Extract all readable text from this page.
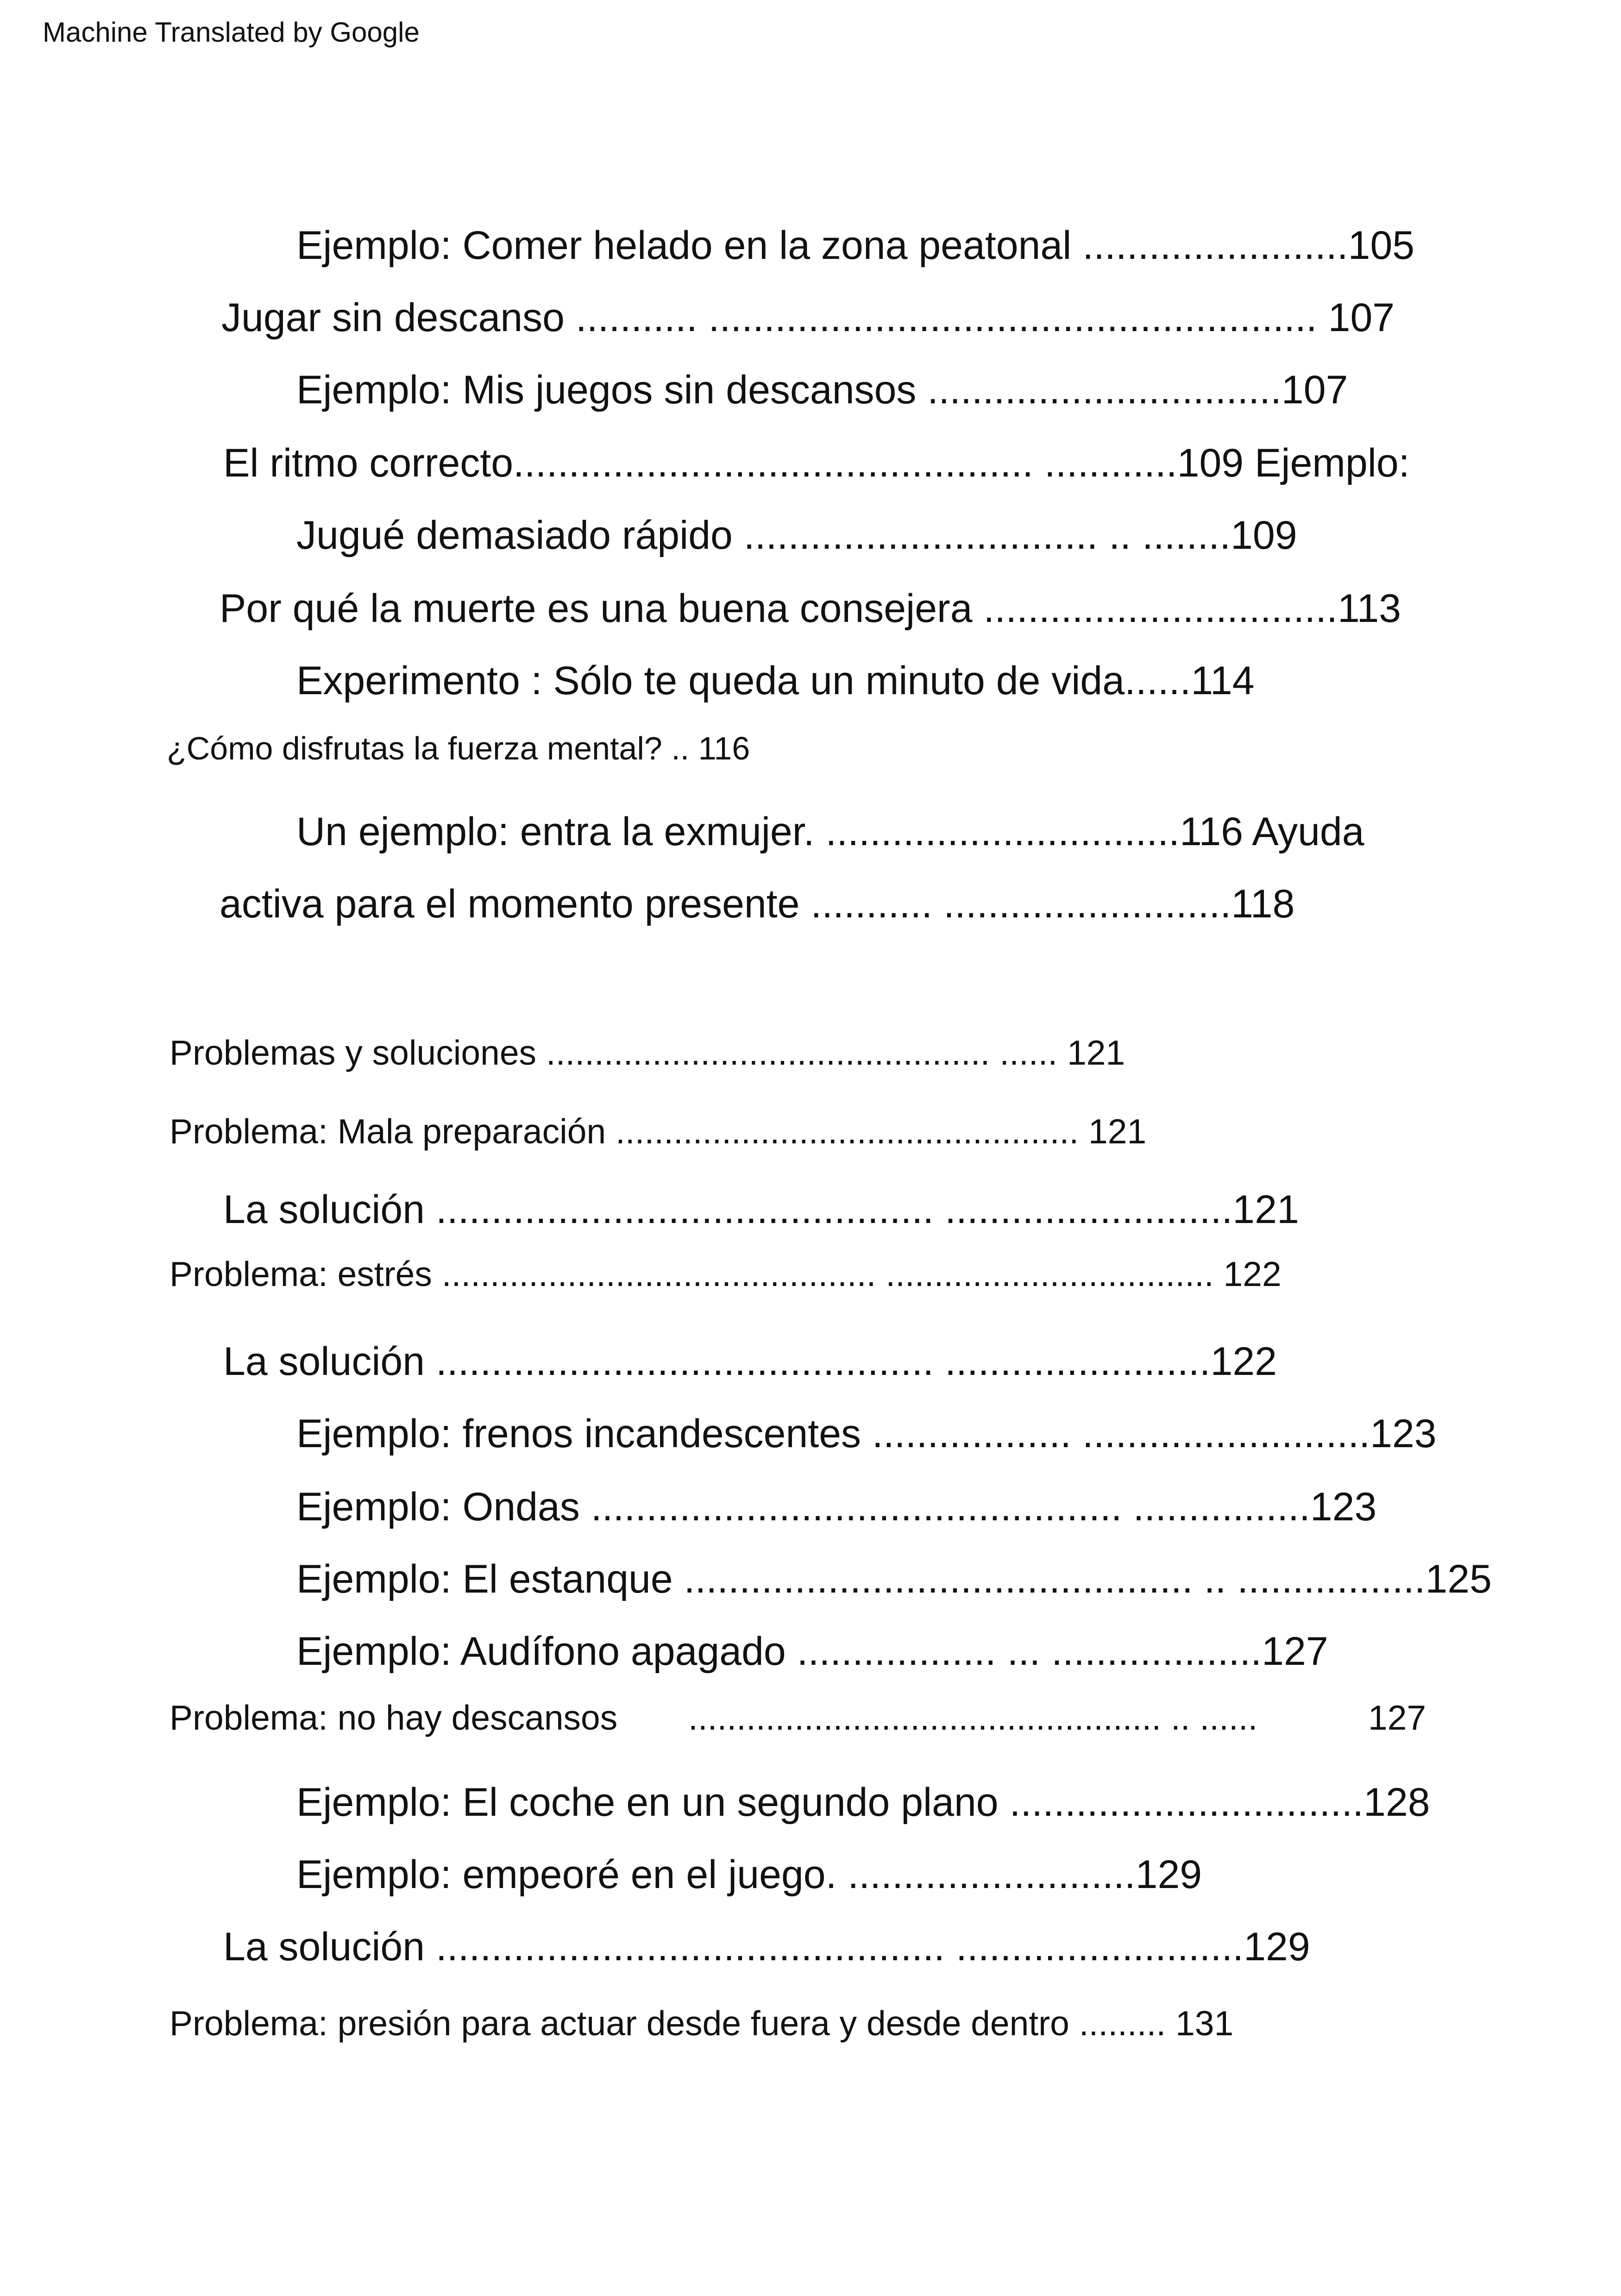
Machine Translated by Google
Ejemplo: Comer helado en la zona peatonal ........................105
Jugar sin descanso ........... ....................................................... 107
Ejemplo: Mis juegos sin descansos ................................107
El ritmo correcto............................................... ............109 Ejemplo:
Jugué demasiado rápido ................................ .. ........109
Por qué la muerte es una buena consejera ................................113
Experimento : Sólo te queda un minuto de vida......114
¿Cómo disfrutas la fuerza mental? .. 116
Un ejemplo: entra la exmujer. ................................116 Ayuda
activa para el momento presente ........... ..........................118
Problemas y soluciones .............................................. ...... 121
Problema: Mala preparación ................................................ 121
La solución ............................................. ..........................121
Problema: estrés ............................................. .................................. 122
La solución ............................................. ........................122
Ejemplo: frenos incandescentes .................. ..........................123
Ejemplo: Ondas ................................................ ................123
Ejemplo: El estanque .............................................. .. .................125
Ejemplo: Audífono apagado .................. ... ...................127
Problema: no hay descansos ................................................. .. ......	127
Ejemplo: El coche en un segundo plano ................................128
Ejemplo: empeoré en el juego. ..........................129
La solución .............................................. ..........................129
Problema: presión para actuar desde fuera y desde dentro ......... 131
